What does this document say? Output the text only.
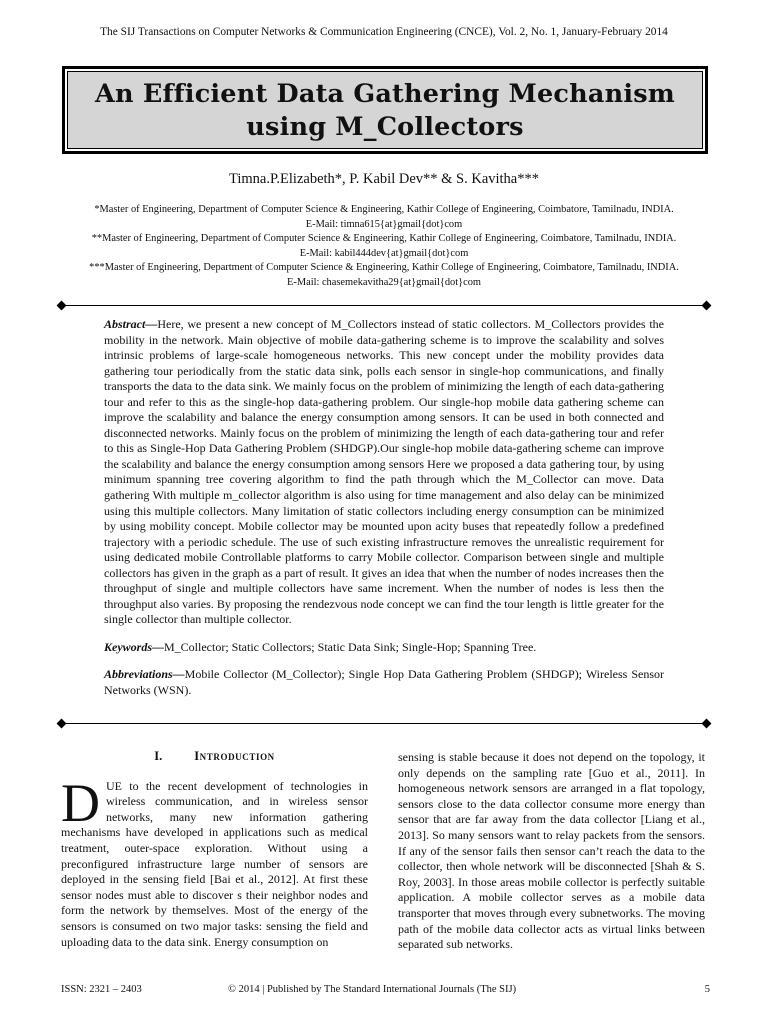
The SIJ Transactions on Computer Networks & Communication Engineering (CNCE), Vol. 2, No. 1, January-February 2014
An Efficient Data Gathering Mechanism
using M_Collectors
Timna.P.Elizabeth*, P. Kabil Dev** & S. Kavitha***
*Master of Engineering, Department of Computer Science & Engineering, Kathir College of Engineering, Coimbatore, Tamilnadu, INDIA.
E-Mail: timna615{at}gmail{dot}com
**Master of Engineering, Department of Computer Science & Engineering, Kathir College of Engineering, Coimbatore, Tamilnadu, INDIA.
E-Mail: kabil444dev{at}gmail{dot}com
***Master of Engineering, Department of Computer Science & Engineering, Kathir College of Engineering, Coimbatore, Tamilnadu, INDIA.
E-Mail: chasemekavitha29{at}gmail{dot}com

Abstract—Here, we present a new concept of M_Collectors instead of static collectors. M_Collectors provides the mobility in the network. Main objective of mobile data-gathering scheme is to improve the scalability and solves intrinsic problems of large-scale homogeneous networks. This new concept under the mobility provides data gathering tour periodically from the static data sink, polls each sensor in single-hop communications, and finally transports the data to the data sink. We mainly focus on the problem of minimizing the length of each data-gathering tour and refer to this as the single-hop data-gathering problem. Our single-hop mobile data gathering scheme can improve the scalability and balance the energy consumption among sensors. It can be used in both connected and disconnected networks. Mainly focus on the problem of minimizing the length of each data-gathering tour and refer to this as Single-Hop Data Gathering Problem (SHDGP).Our single-hop mobile data-gathering scheme can improve the scalability and balance the energy consumption among sensors Here we proposed a data gathering tour, by using minimum spanning tree covering algorithm to find the path through which the M_Collector can move. Data gathering With multiple m_collector algorithm is also using for time management and also delay can be minimized using this multiple collectors. Many limitation of static collectors including energy consumption can be minimized by using mobility concept. Mobile collector may be mounted upon acity buses that repeatedly follow a predefined trajectory with a periodic schedule. The use of such existing infrastructure removes the unrealistic requirement for using dedicated mobile Controllable platforms to carry Mobile collector. Comparison between single and multiple collectors has given in the graph as a part of result. It gives an idea that when the number of nodes increases then the throughput of single and multiple collectors have same increment. When the number of nodes is less then the throughput also varies. By proposing the rendezvous node concept we can find the tour length is little greater for the single collector than multiple collector.

Keywords—M_Collector; Static Collectors; Static Data Sink; Single-Hop; Spanning Tree.

Abbreviations—Mobile Collector (M_Collector); Single Hop Data Gathering Problem (SHDGP); Wireless Sensor Networks (WSN).

I.	Introduction

DUE to the recent development of technologies in wireless communication, and in wireless sensor networks, many new information gathering mechanisms have developed in applications such as medical treatment, outer-space exploration. Without using a preconfigured infrastructure large number of sensors are deployed in the sensing field [Bai et al., 2012]. At first these sensor nodes must able to discover s their neighbor nodes and form the network by themselves. Most of the energy of the sensors is consumed on two major tasks: sensing the field and uploading data to the data sink. Energy consumption on

sensing is stable because it does not depend on the topology, it only depends on the sampling rate [Guo et al., 2011]. In homogeneous network sensors are arranged in a flat topology, sensors close to the data collector consume more energy than sensor that are far away from the data collector [Liang et al., 2013]. So many sensors want to relay packets from the sensors. If any of the sensor fails then sensor can’t reach the data to the collector, then whole network will be disconnected [Shah & S. Roy, 2003]. In those areas mobile collector is perfectly suitable application. A mobile collector serves as a mobile data transporter that moves through every subnetworks. The moving path of the mobile data collector acts as virtual links between separated sub networks.

ISSN: 2321 – 2403	© 2014 | Published by The Standard International Journals (The SIJ)	5
